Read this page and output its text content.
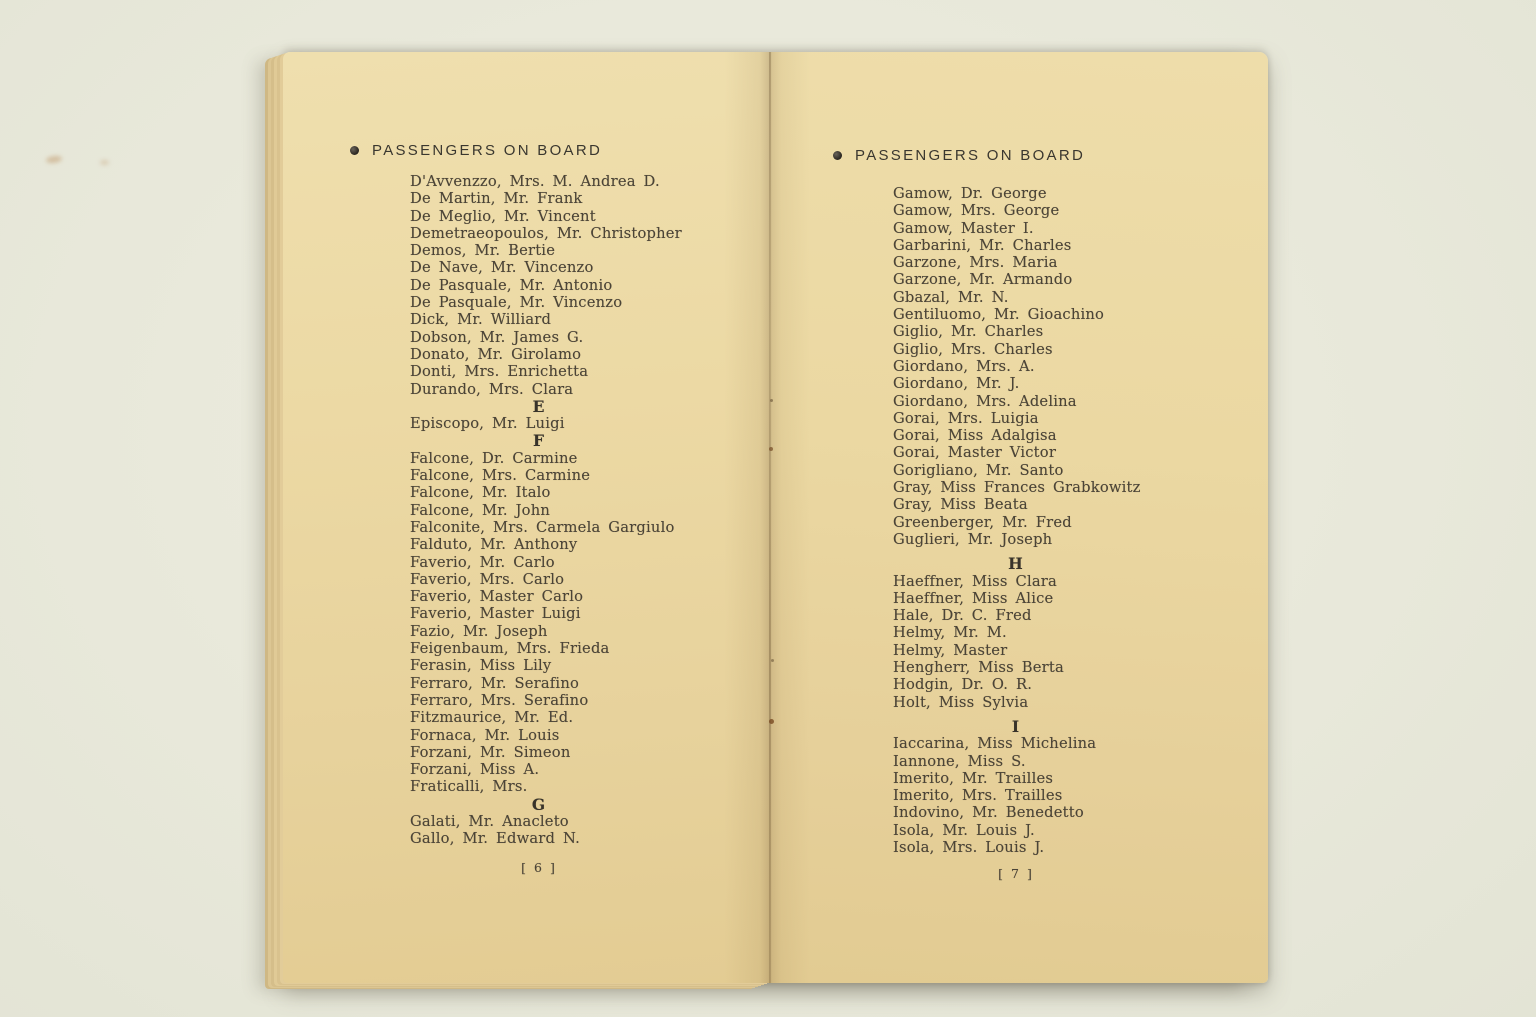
PASSENGERS ON BOARD
D'Avvenzzo, Mrs. M. Andrea D.
De Martin, Mr. Frank
De Meglio, Mr. Vincent
Demetraeopoulos, Mr. Christopher
Demos, Mr. Bertie
De Nave, Mr. Vincenzo
De Pasquale, Mr. Antonio
De Pasquale, Mr. Vincenzo
Dick, Mr. Williard
Dobson, Mr. James G.
Donato, Mr. Girolamo
Donti, Mrs. Enrichetta
Durando, Mrs. Clara
E
Episcopo, Mr. Luigi
F
Falcone, Dr. Carmine
Falcone, Mrs. Carmine
Falcone, Mr. Italo
Falcone, Mr. John
Falconite, Mrs. Carmela Gargiulo
Falduto, Mr. Anthony
Faverio, Mr. Carlo
Faverio, Mrs. Carlo
Faverio, Master Carlo
Faverio, Master Luigi
Fazio, Mr. Joseph
Feigenbaum, Mrs. Frieda
Ferasin, Miss Lily
Ferraro, Mr. Serafino
Ferraro, Mrs. Serafino
Fitzmaurice, Mr. Ed.
Fornaca, Mr. Louis
Forzani, Mr. Simeon
Forzani, Miss A.
Fraticalli, Mrs.
G
Galati, Mr. Anacleto
Gallo, Mr. Edward N.
[ 6 ]
PASSENGERS ON BOARD
Gamow, Dr. George
Gamow, Mrs. George
Gamow, Master I.
Garbarini, Mr. Charles
Garzone, Mrs. Maria
Garzone, Mr. Armando
Gbazal, Mr. N.
Gentiluomo, Mr. Gioachino
Giglio, Mr. Charles
Giglio, Mrs. Charles
Giordano, Mrs. A.
Giordano, Mr. J.
Giordano, Mrs. Adelina
Gorai, Mrs. Luigia
Gorai, Miss Adalgisa
Gorai, Master Victor
Gorigliano, Mr. Santo
Gray, Miss Frances Grabkowitz
Gray, Miss Beata
Greenberger, Mr. Fred
Guglieri, Mr. Joseph
H
Haeffner, Miss Clara
Haeffner, Miss Alice
Hale, Dr. C. Fred
Helmy, Mr. M.
Helmy, Master
Hengherr, Miss Berta
Hodgin, Dr. O. R.
Holt, Miss Sylvia
I
Iaccarina, Miss Michelina
Iannone, Miss S.
Imerito, Mr. Trailles
Imerito, Mrs. Trailles
Indovino, Mr. Benedetto
Isola, Mr. Louis J.
Isola, Mrs. Louis J.
[ 7 ]
